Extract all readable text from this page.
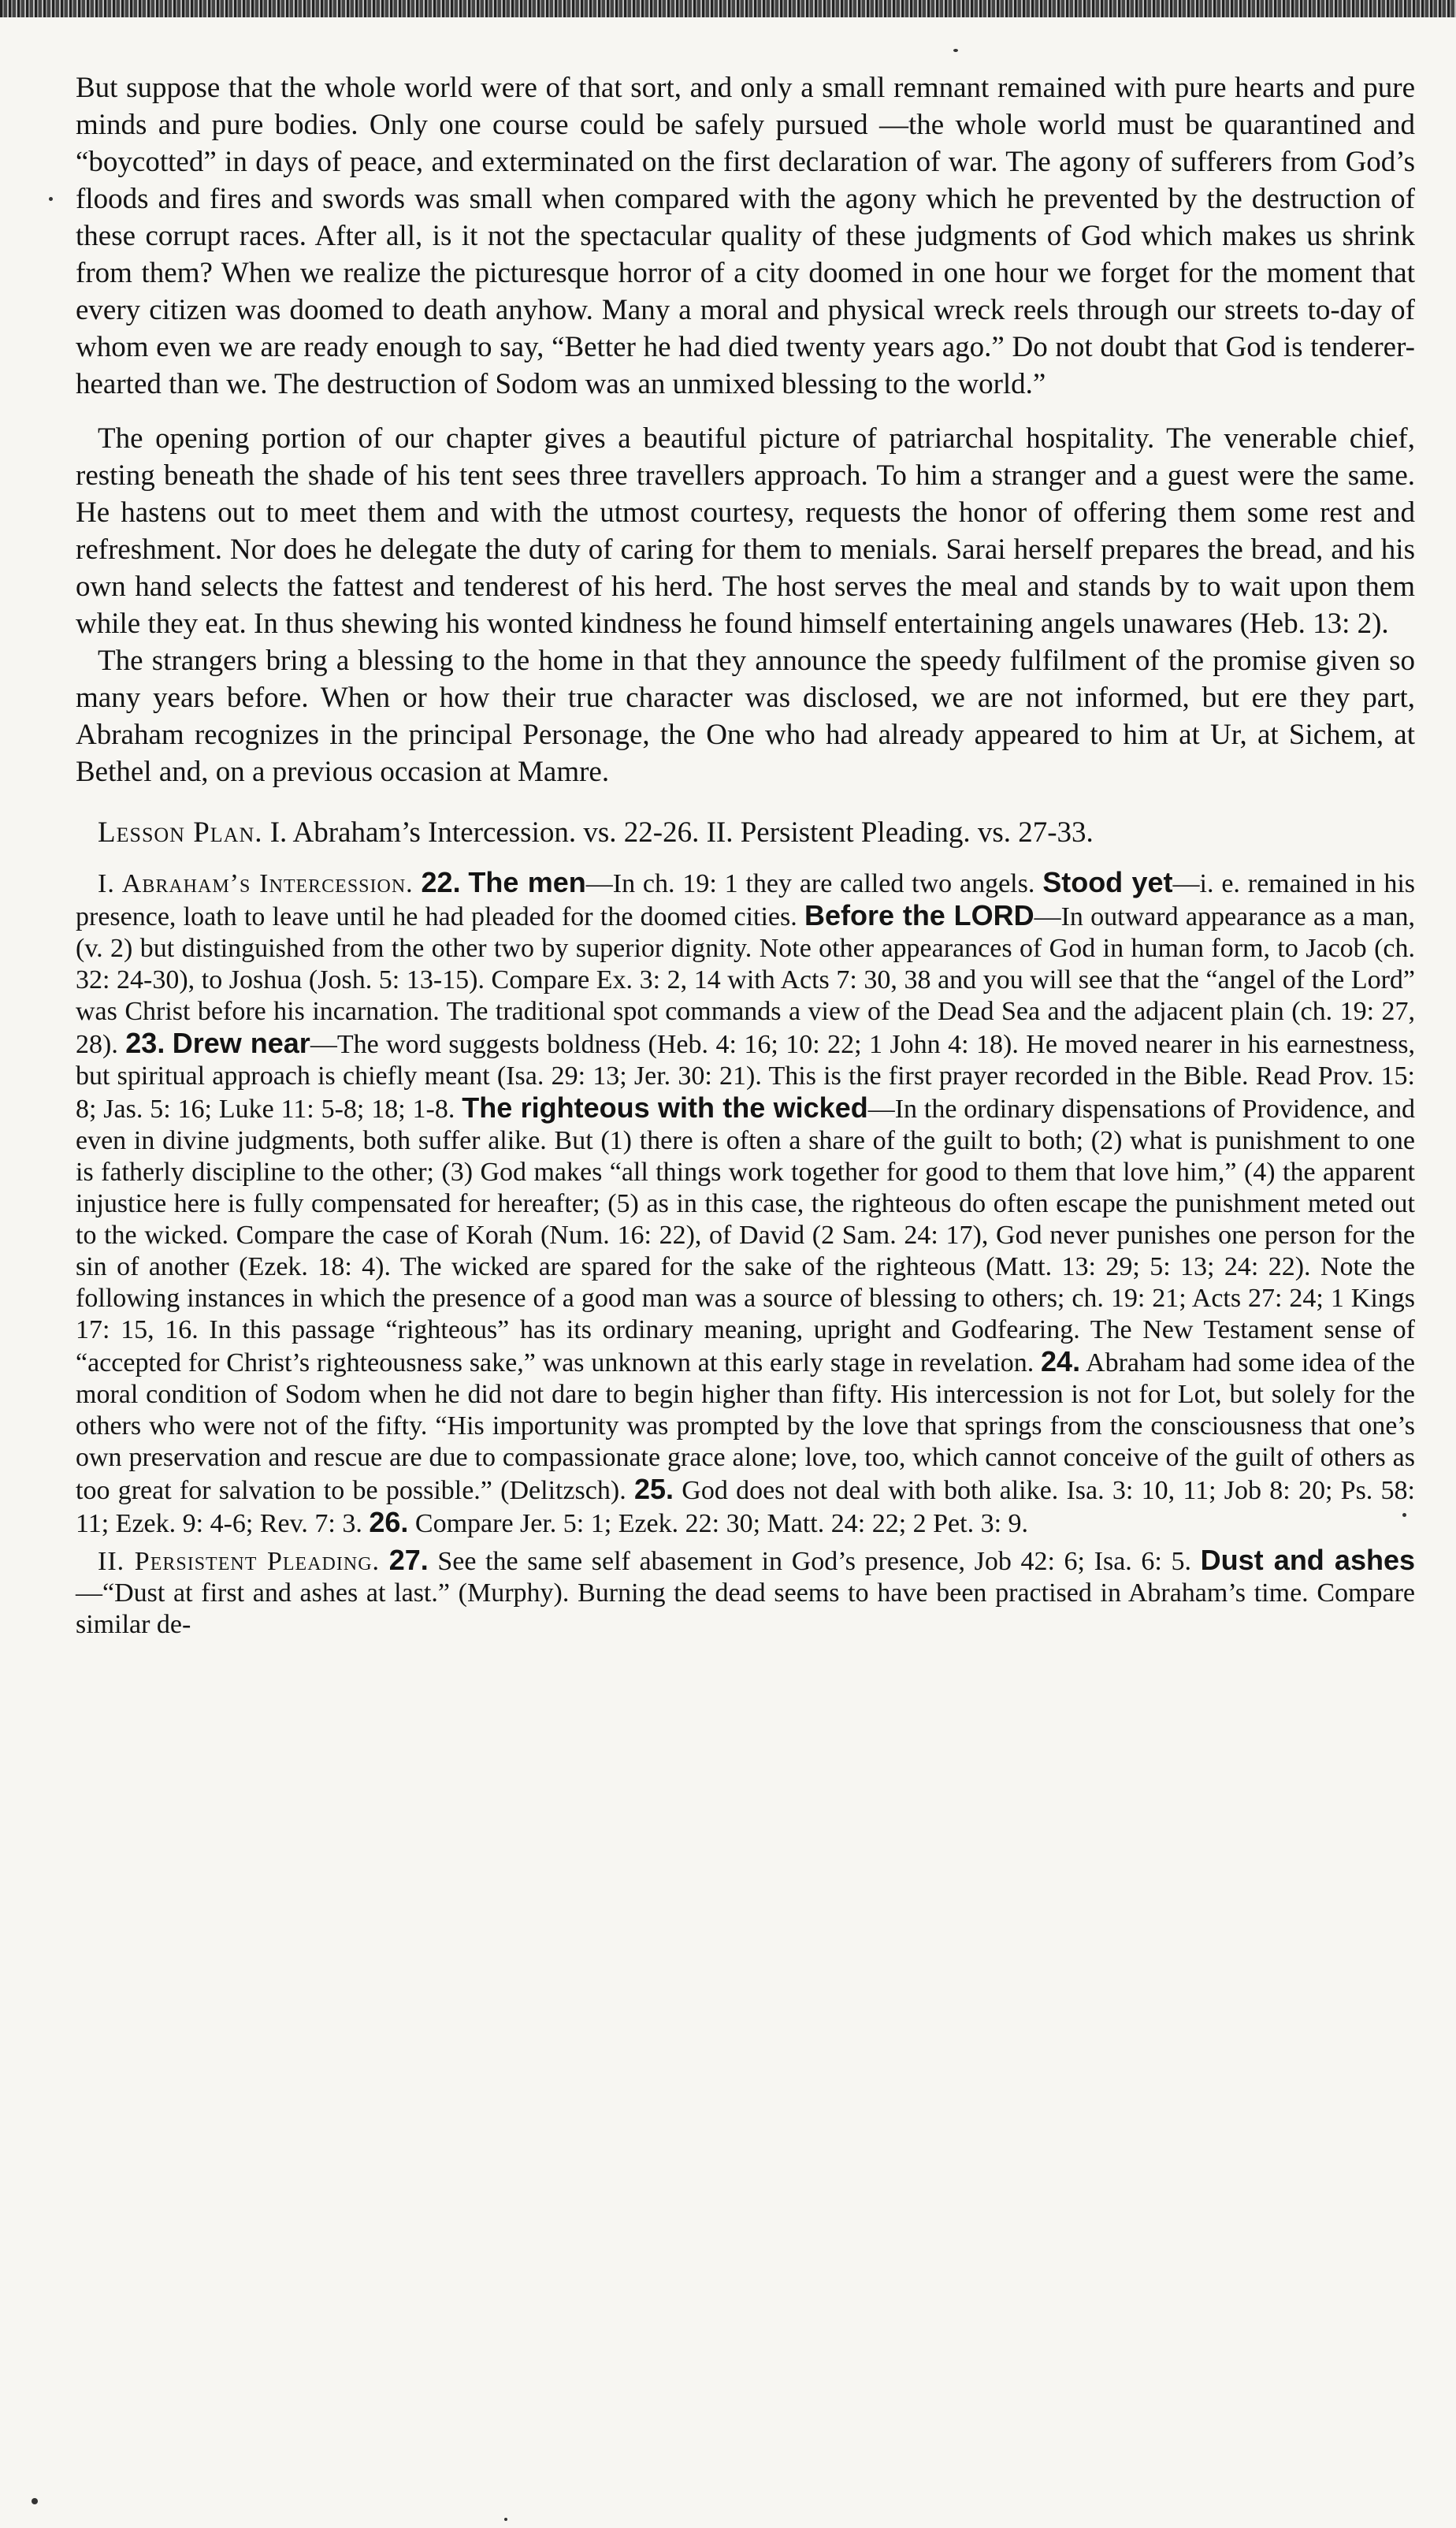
But suppose that the whole world were of that sort, and only a small remnant remained with pure hearts and pure minds and pure bodies. Only one course could be safely pursued —the whole world must be quarantined and “boycotted” in days of peace, and exterminated on the first declaration of war. The agony of sufferers from God’s floods and fires and swords was small when compared with the agony which he prevented by the destruction of these corrupt races. After all, is it not the spectacular quality of these judgments of God which makes us shrink from them? When we realize the picturesque horror of a city doomed in one hour we forget for the moment that every citizen was doomed to death anyhow. Many a moral and physical wreck reels through our streets to-day of whom even we are ready enough to say, “Better he had died twenty years ago.” Do not doubt that God is tenderer-hearted than we. The destruction of Sodom was an unmixed blessing to the world.”

The opening portion of our chapter gives a beautiful picture of patriarchal hospitality. The venerable chief, resting beneath the shade of his tent sees three travellers approach. To him a stranger and a guest were the same. He hastens out to meet them and with the utmost courtesy, requests the honor of offering them some rest and refreshment. Nor does he delegate the duty of caring for them to menials. Sarai herself prepares the bread, and his own hand selects the fattest and tenderest of his herd. The host serves the meal and stands by to wait upon them while they eat. In thus shewing his wonted kindness he found himself entertaining angels unawares (Heb. 13: 2).

The strangers bring a blessing to the home in that they announce the speedy fulfilment of the promise given so many years before. When or how their true character was disclosed, we are not informed, but ere they part, Abraham recognizes in the principal Personage, the One who had already appeared to him at Ur, at Sichem, at Bethel and, on a previous occasion at Mamre.

Lesson Plan. I. Abraham’s Intercession. vs. 22-26. II. Persistent Pleading. vs. 27-33.

I. Abraham’s Intercession. 22. The men—In ch. 19: 1 they are called two angels. Stood yet—i. e. remained in his presence, loath to leave until he had pleaded for the doomed cities. Before the LORD—In outward appearance as a man, (v. 2) but distinguished from the other two by superior dignity. Note other appearances of God in human form, to Jacob (ch. 32: 24-30), to Joshua (Josh. 5: 13-15). Compare Ex. 3: 2, 14 with Acts 7: 30, 38 and you will see that the “angel of the Lord” was Christ before his incarnation. The traditional spot commands a view of the Dead Sea and the adjacent plain (ch. 19: 27, 28). 23. Drew near—The word suggests boldness (Heb. 4: 16; 10: 22; 1 John 4: 18). He moved nearer in his earnestness, but spiritual approach is chiefly meant (Isa. 29: 13; Jer. 30: 21). This is the first prayer recorded in the Bible. Read Prov. 15: 8; Jas. 5: 16; Luke 11: 5-8; 18; 1-8. The righteous with the wicked—In the ordinary dispensations of Providence, and even in divine judgments, both suffer alike. But (1) there is often a share of the guilt to both; (2) what is punishment to one is fatherly discipline to the other; (3) God makes “all things work together for good to them that love him,” (4) the apparent injustice here is fully compensated for hereafter; (5) as in this case, the righteous do often escape the punishment meted out to the wicked. Compare the case of Korah (Num. 16: 22), of David (2 Sam. 24: 17), God never punishes one person for the sin of another (Ezek. 18: 4). The wicked are spared for the sake of the righteous (Matt. 13: 29; 5: 13; 24: 22). Note the following instances in which the presence of a good man was a source of blessing to others; ch. 19: 21; Acts 27: 24; 1 Kings 17: 15, 16. In this passage “righteous” has its ordinary meaning, upright and Godfearing. The New Testament sense of “accepted for Christ’s righteousness sake,” was unknown at this early stage in revelation. 24. Abraham had some idea of the moral condition of Sodom when he did not dare to begin higher than fifty. His intercession is not for Lot, but solely for the others who were not of the fifty. “His importunity was prompted by the love that springs from the consciousness that one’s own preservation and rescue are due to compassionate grace alone; love, too, which cannot conceive of the guilt of others as too great for salvation to be possible.” (Delitzsch). 25. God does not deal with both alike. Isa. 3: 10, 11; Job 8: 20; Ps. 58: 11; Ezek. 9: 4-6; Rev. 7: 3. 26. Compare Jer. 5: 1; Ezek. 22: 30; Matt. 24: 22; 2 Pet. 3: 9.

II. Persistent Pleading. 27. See the same self abasement in God’s presence, Job 42: 6; Isa. 6: 5. Dust and ashes—“Dust at first and ashes at last.” (Murphy). Burning the dead seems to have been practised in Abraham’s time. Compare similar de-
